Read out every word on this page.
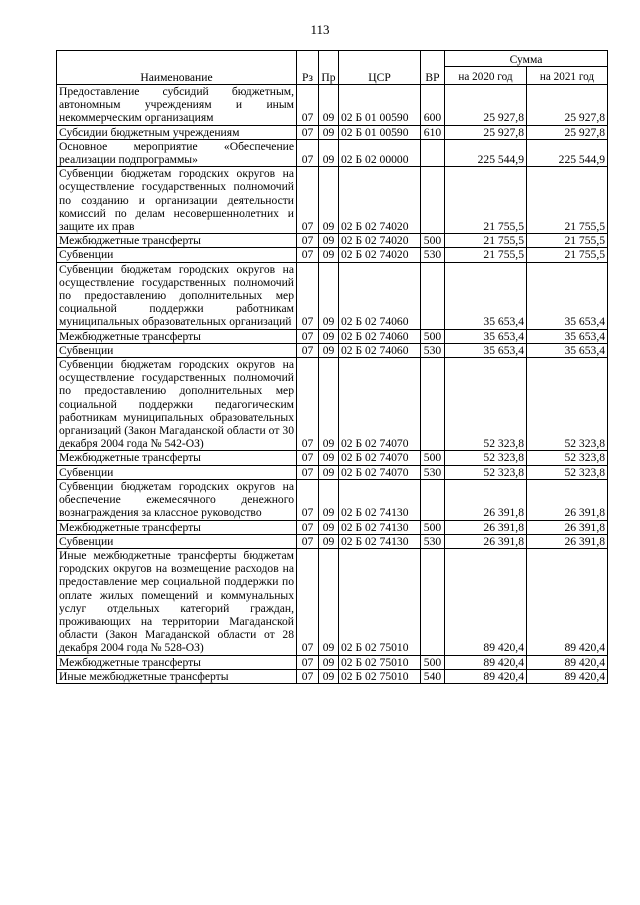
113
Наименование	Рз	Пр	ЦСР	ВР	Сумма	
					на 2020 год	на 2021 год
Предоставление субсидий бюджетным, автономным учреждениям и иным некоммерческим организациям	07	09	02 Б 01 00590	600	25 927,8	25 927,8
Субсидии бюджетным учреждениям	07	09	02 Б 01 00590	610	25 927,8	25 927,8
Основное мероприятие «Обеспечение реализации подпрограммы»	07	09	02 Б 02 00000		225 544,9	225 544,9
Субвенции бюджетам городских округов на осуществление государственных полномочий по созданию и организации деятельности комиссий по делам несовершеннолетних и защите их прав	07	09	02 Б 02 74020		21 755,5	21 755,5
Межбюджетные трансферты	07	09	02 Б 02 74020	500	21 755,5	21 755,5
Субвенции	07	09	02 Б 02 74020	530	21 755,5	21 755,5
Субвенции бюджетам городских округов на осуществление государственных полномочий по предоставлению дополнительных мер социальной поддержки работникам муниципальных образовательных организаций	07	09	02 Б 02 74060		35 653,4	35 653,4
Межбюджетные трансферты	07	09	02 Б 02 74060	500	35 653,4	35 653,4
Субвенции	07	09	02 Б 02 74060	530	35 653,4	35 653,4
Субвенции бюджетам городских округов на осуществление государственных полномочий по предоставлению дополнительных мер социальной поддержки педагогическим работникам муниципальных образовательных организаций (Закон Магаданской области от 30 декабря 2004 года № 542-ОЗ)	07	09	02 Б 02 74070		52 323,8	52 323,8
Межбюджетные трансферты	07	09	02 Б 02 74070	500	52 323,8	52 323,8
Субвенции	07	09	02 Б 02 74070	530	52 323,8	52 323,8
Субвенции бюджетам городских округов на обеспечение ежемесячного денежного вознаграждения за классное руководство	07	09	02 Б 02 74130		26 391,8	26 391,8
Межбюджетные трансферты	07	09	02 Б 02 74130	500	26 391,8	26 391,8
Субвенции	07	09	02 Б 02 74130	530	26 391,8	26 391,8
Иные межбюджетные трансферты бюджетам городских округов на возмещение расходов на предоставление мер социальной поддержки по оплате жилых помещений и коммунальных услуг отдельных категорий граждан, проживающих на территории Магаданской области (Закон Магаданской области от 28 декабря 2004 года № 528-ОЗ)	07	09	02 Б 02 75010		89 420,4	89 420,4
Межбюджетные трансферты	07	09	02 Б 02 75010	500	89 420,4	89 420,4
Иные межбюджетные трансферты	07	09	02 Б 02 75010	540	89 420,4	89 420,4
